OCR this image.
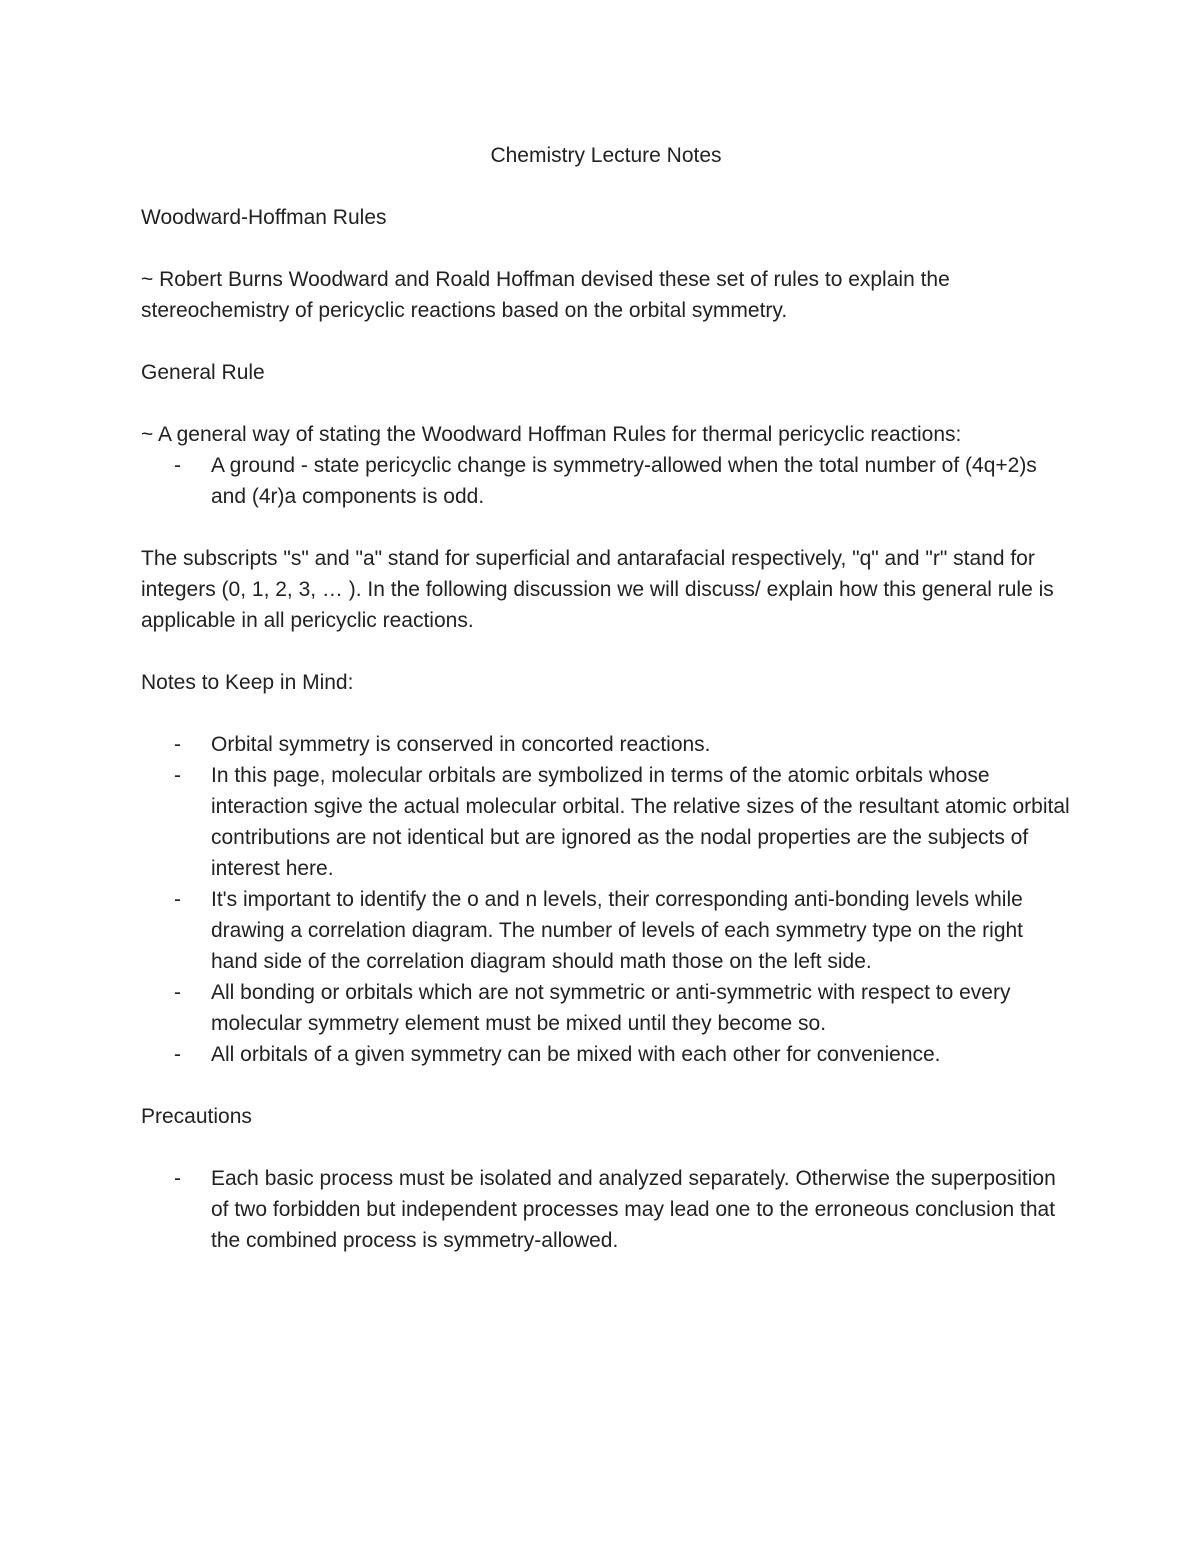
Chemistry Lecture Notes

Woodward-Hoffman Rules

~ Robert Burns Woodward and Roald Hoffman devised these set of rules to explain the stereochemistry of pericyclic reactions based on the orbital symmetry.

General Rule

~ A general way of stating the Woodward Hoffman Rules for thermal pericyclic reactions:

- A ground - state pericyclic change is symmetry-allowed when the total number of (4q+2)s and (4r)a components is odd.

The subscripts "s" and "a" stand for superficial and antarafacial respectively, "q" and "r" stand for integers (0, 1, 2, 3, … ). In the following discussion we will discuss/ explain how this general rule is applicable in all pericyclic reactions.

Notes to Keep in Mind:

- Orbital symmetry is conserved in concorted reactions.
- In this page, molecular orbitals are symbolized in terms of the atomic orbitals whose interaction sgive the actual molecular orbital. The relative sizes of the resultant atomic orbital contributions are not identical but are ignored as the nodal properties are the subjects of interest here.
- It's important to identify the o and n levels, their corresponding anti-bonding levels while drawing a correlation diagram. The number of levels of each symmetry type on the right hand side of the correlation diagram should math those on the left side.
- All bonding or orbitals which are not symmetric or anti-symmetric with respect to every molecular symmetry element must be mixed until they become so.
- All orbitals of a given symmetry can be mixed with each other for convenience.

Precautions

- Each basic process must be isolated and analyzed separately. Otherwise the superposition of two forbidden but independent processes may lead one to the erroneous conclusion that the combined process is symmetry-allowed.
